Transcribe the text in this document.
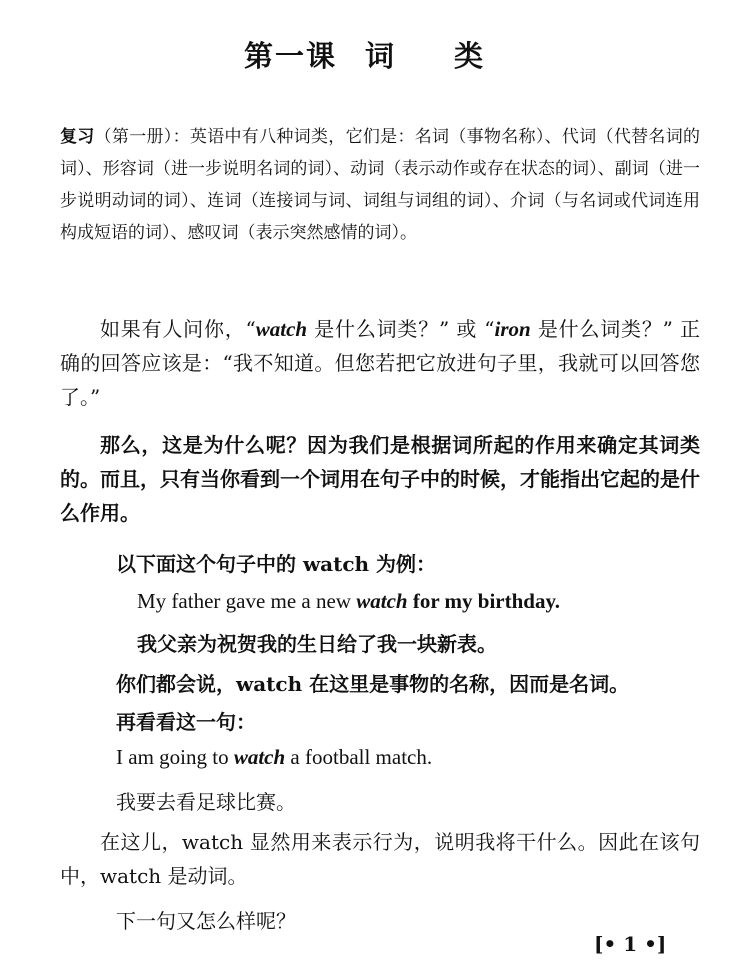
第一课 词 类
复习（第一册）：英语中有八种词类，它们是：名词（事物名称）、代词（代替名词的词）、形容词（进一步说明名词的词）、动词（表示动作或存在状态的词）、副词（进一步说明动词的词）、连词（连接词与词、词组与词组的词）、介词（与名词或代词连用构成短语的词）、感叹词（表示突然感情的词）。
如果有人问你，“watch 是什么词类？” 或 “iron 是什么词类？” 正确的回答应该是：“我不知道。但您若把它放进句子里，我就可以回答您了。”
那么，这是为什么呢？因为我们是根据词所起的作用来确定其词类的。而且，只有当你看到一个词用在句子中的时候，才能指出它起的是什么作用。
以下面这个句子中的 watch 为例：
My father gave me a new watch for my birthday.
我父亲为祝贺我的生日给了我一块新表。
你们都会说，watch 在这里是事物的名称，因而是名词。
再看看这一句：
I am going to watch a football match.
我要去看足球比赛。
在这儿，watch 显然用来表示行为，说明我将干什么。因此在该句中，watch 是动词。
下一句又怎么样呢？
[• 1 •]
